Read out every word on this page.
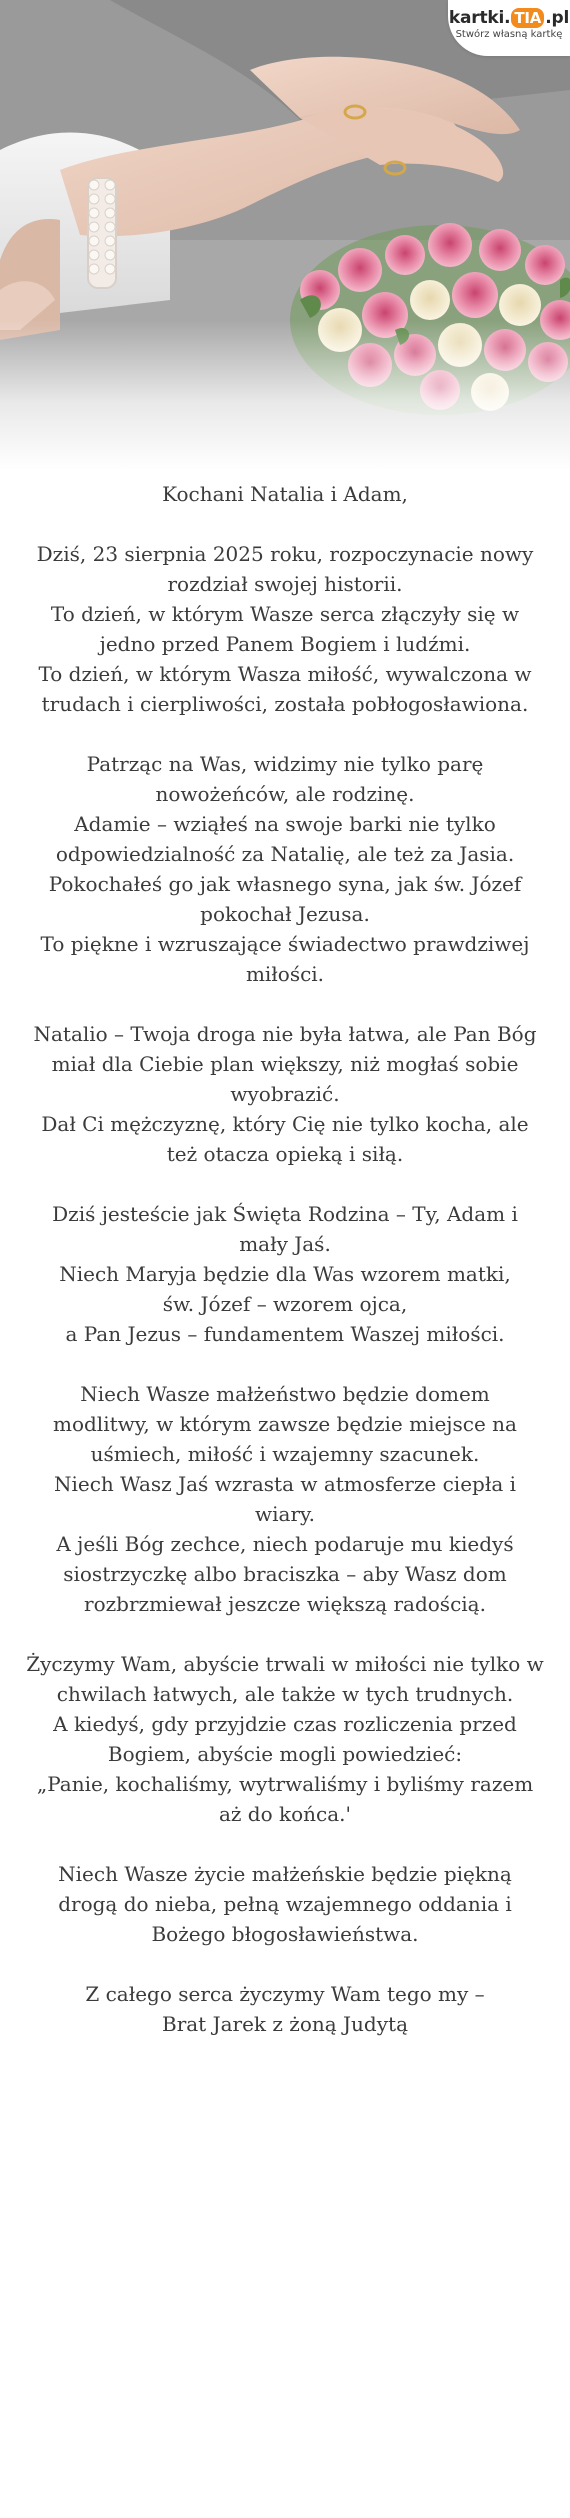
kartki. TIA .pl
Stwórz własną kartkę
Kochani Natalia i Adam,
Dziś, 23 sierpnia 2025 roku, rozpoczynacie nowy
rozdział swojej historii.
To dzień, w którym Wasze serca złączyły się w
jedno przed Panem Bogiem i ludźmi.
To dzień, w którym Wasza miłość, wywalczona w
trudach i cierpliwości, została pobłogosławiona.
Patrząc na Was, widzimy nie tylko parę
nowożeńców, ale rodzinę.
Adamie – wziąłeś na swoje barki nie tylko
odpowiedzialność za Natalię, ale też za Jasia.
Pokochałeś go jak własnego syna, jak św. Józef
pokochał Jezusa.
To piękne i wzruszające świadectwo prawdziwej
miłości.
Natalio – Twoja droga nie była łatwa, ale Pan Bóg
miał dla Ciebie plan większy, niż mogłaś sobie
wyobrazić.
Dał Ci mężczyznę, który Cię nie tylko kocha, ale
też otacza opieką i siłą.
Dziś jesteście jak Święta Rodzina – Ty, Adam i
mały Jaś.
Niech Maryja będzie dla Was wzorem matki,
św. Józef – wzorem ojca,
a Pan Jezus – fundamentem Waszej miłości.
Niech Wasze małżeństwo będzie domem
modlitwy, w którym zawsze będzie miejsce na
uśmiech, miłość i wzajemny szacunek.
Niech Wasz Jaś wzrasta w atmosferze ciepła i
wiary.
A jeśli Bóg zechce, niech podaruje mu kiedyś
siostrzyczkę albo braciszka – aby Wasz dom
rozbrzmiewał jeszcze większą radością.
Życzymy Wam, abyście trwali w miłości nie tylko w
chwilach łatwych, ale także w tych trudnych.
A kiedyś, gdy przyjdzie czas rozliczenia przed
Bogiem, abyście mogli powiedzieć:
„Panie, kochaliśmy, wytrwaliśmy i byliśmy razem
aż do końca.'
Niech Wasze życie małżeńskie będzie piękną
drogą do nieba, pełną wzajemnego oddania i
Bożego błogosławieństwa.
Z całego serca życzymy Wam tego my –
Brat Jarek z żoną Judytą
